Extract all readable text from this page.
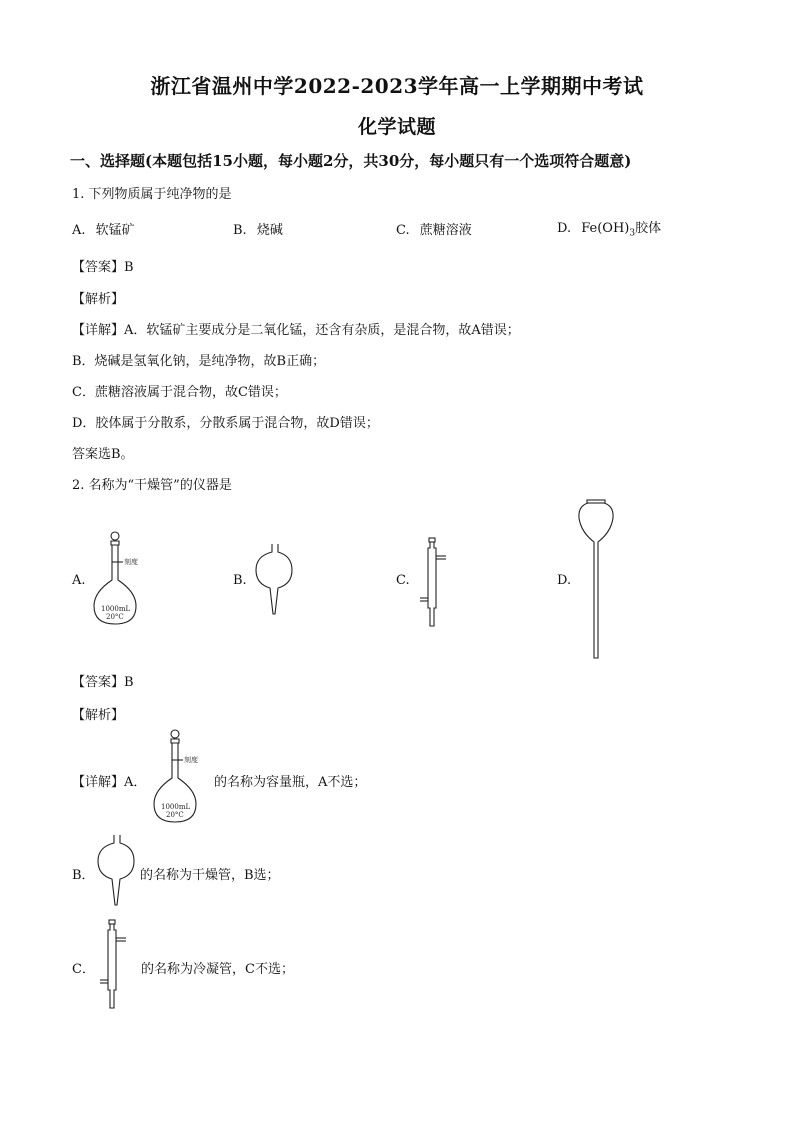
浙江省温州中学2022-2023学年高一上学期期中考试
化学试题
一、选择题(本题包括15小题，每小题2分，共30分，每小题只有一个选项符合题意)
1. 下列物质属于纯净物的是
A. 软锰矿	B. 烧碱	C. 蔗糖溶液	D. $Fe(OH)_3$胶体
【答案】B
【解析】
【详解】A．软锰矿主要成分是二氧化锰，还含有杂质，是混合物，故A错误；
B．烧碱是氢氧化钠，是纯净物，故B正确；
C．蔗糖溶液属于混合物，故C错误；
D．胶体属于分散系，分散系属于混合物，故D错误；
答案选B。
2. 名称为“干燥管”的仪器是
A.	B.	C.	D.
刻度
1000mL
20°C
【答案】B
【解析】
【详解】A．
刻度
1000mL
20°C
的名称为容量瓶，A不选；
B．	的名称为干燥管，B选；
C．	的名称为冷凝管，C不选；
